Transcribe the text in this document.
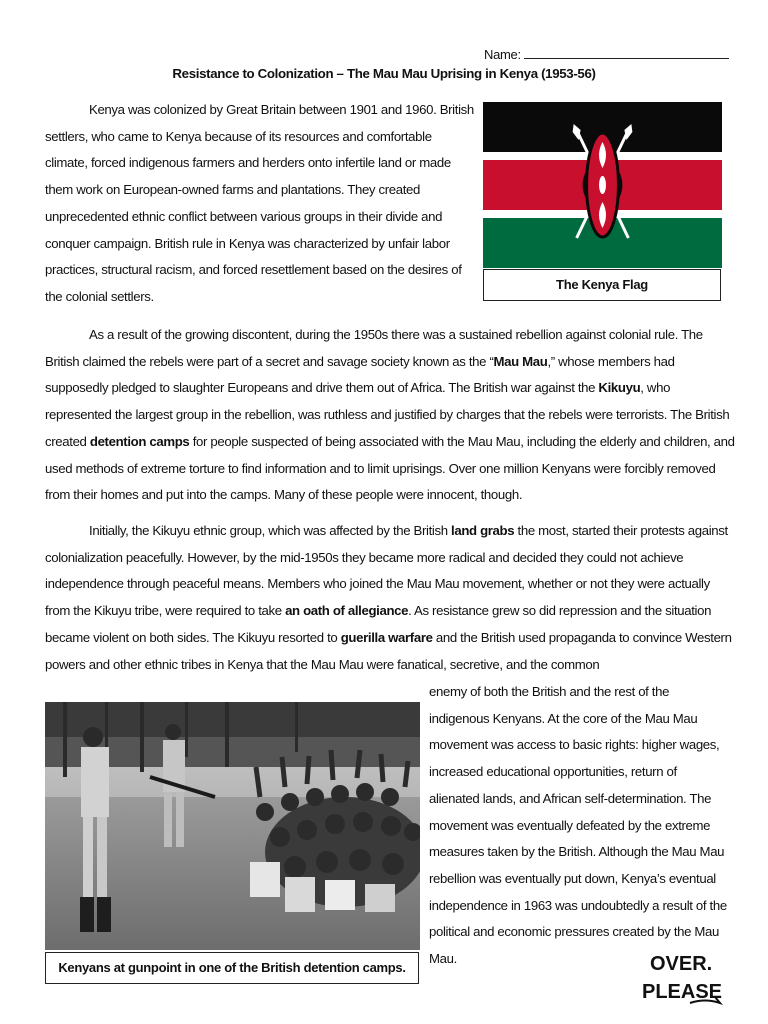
Name:
Resistance to Colonization – The Mau Mau Uprising in Kenya (1953-56)

Kenya was colonized by Great Britain between 1901 and 1960. British settlers, who came to Kenya because of its resources and comfortable climate, forced indigenous farmers and herders onto infertile land or made them work on European-owned farms and plantations. They created unprecedented ethnic conflict between various groups in their divide and conquer campaign. British rule in Kenya was characterized by unfair labor practices, structural racism, and forced resettlement based on the desires of the colonial settlers.

As a result of the growing discontent, during the 1950s there was a sustained rebellion against colonial rule. The British claimed the rebels were part of a secret and savage society known as the “Mau Mau,” whose members had supposedly pledged to slaughter Europeans and drive them out of Africa. The British war against the Kikuyu, who represented the largest group in the rebellion, was ruthless and justified by charges that the rebels were terrorists. The British created detention camps for people suspected of being associated with the Mau Mau, including the elderly and children, and used methods of extreme torture to find information and to limit uprisings. Over one million Kenyans were forcibly removed from their homes and put into the camps. Many of these people were innocent, though.

Initially, the Kikuyu ethnic group, which was affected by the British land grabs the most, started their protests against colonialization peacefully. However, by the mid-1950s they became more radical and decided they could not achieve independence through peaceful means. Members who joined the Mau Mau movement, whether or not they were actually from the Kikuyu tribe, were required to take an oath of allegiance. As resistance grew so did repression and the situation became violent on both sides. The Kikuyu resorted to guerilla warfare and the British used propaganda to convince Western powers and other ethnic tribes in Kenya that the Mau Mau were fanatical, secretive, and the common

enemy of both the British and the rest of the indigenous Kenyans. At the core of the Mau Mau movement was access to basic rights: higher wages, increased educational opportunities, return of alienated lands, and African self-determination. The movement was eventually defeated by the extreme measures taken by the British. Although the Mau Mau rebellion was eventually put down, Kenya’s eventual independence in 1963 was undoubtedly a result of the political and economic pressures created by the Mau Mau.

The Kenya Flag
Kenyans at gunpoint in one of the British detention camps.	OVER.
PLEASE
